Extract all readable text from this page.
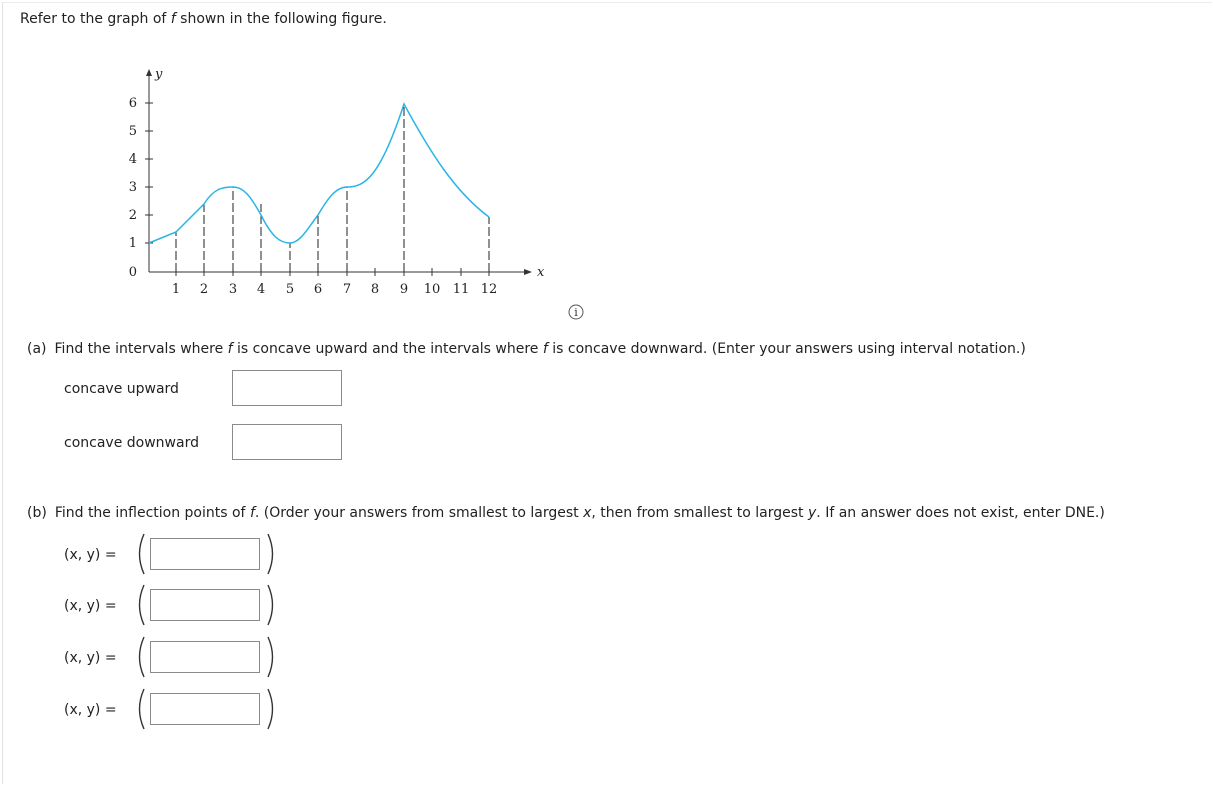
Refer to the graph of f shown in the following figure.
y
x
0
1
2
3
4
5
6
1 2 3 4 5 6 7 8 9 10 11 12
i
(a) Find the intervals where f is concave upward and the intervals where f is concave downward. (Enter your answers using interval notation.)
concave upward
concave downward
(b) Find the inflection points of f. (Order your answers from smallest to largest x, then from smallest to largest y. If an answer does not exist, enter DNE.)
(x, y) =
(x, y) =
(x, y) =
(x, y) =
